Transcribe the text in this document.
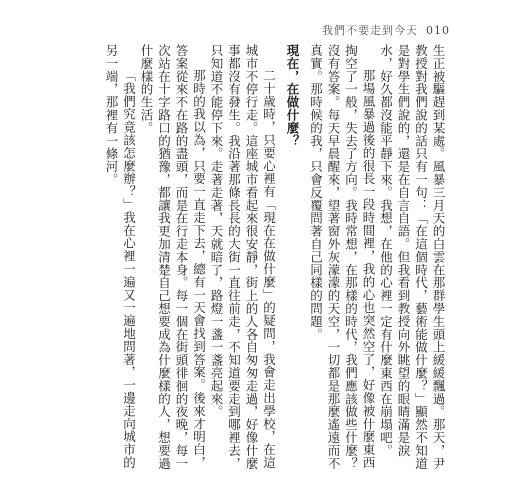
我們不要走到今天 010

生正被驅趕到某處。風暴三月天的白雲在那群學生頭上緩緩飄過。那天，尹教授對我們說的話只有一句：「在這個時代，藝術能做什麼？」顯然不知道是對學生們說的，還是在自言自語。但我看到教授向外眺望的眼睛滿是淚水，好久都沒能平靜下來。我想，在他的心裡一定有什麼東西在崩塌吧。

那場風暴過後的很長一段時間裡，我的心也突然空了，好像被什麼東西掏空了一般，失去了方向。我時常想，在那樣的時代，我們應該做些什麼？沒有答案。每天早晨醒來，望著窗外灰濛濛的天空，一切都是那麼遙遠而不真實。那時候的我，只會反覆問著自己同樣的問題。

現在，在做什麼？

二十歲時，只要心裡有「現在在做什麼」的疑問，我會走出學校，在這城市不停行走。這座城市看起來很安靜，街上的人各自匆匆走過，好像什麼事都沒有發生。我沿著那條長長的大街一直往前走，不知道要走到哪裡去，只知道不能停下來。走著走著，天就暗了，路燈一盞一盞亮起來。

那時的我以為，只要一直走下去，總有一天會找到答案。後來才明白，答案從來不在路的盡頭，而是在行走本身。每一個在街頭徘徊的夜晚，每一次站在十字路口的猶豫，都讓我更加清楚自己想要成為什麼樣的人，想要過什麼樣的生活。

「我們究竟該怎麼辦？」我在心裡一遍又一遍地問著，一邊走向城市的另一端，那裡有一條河。
